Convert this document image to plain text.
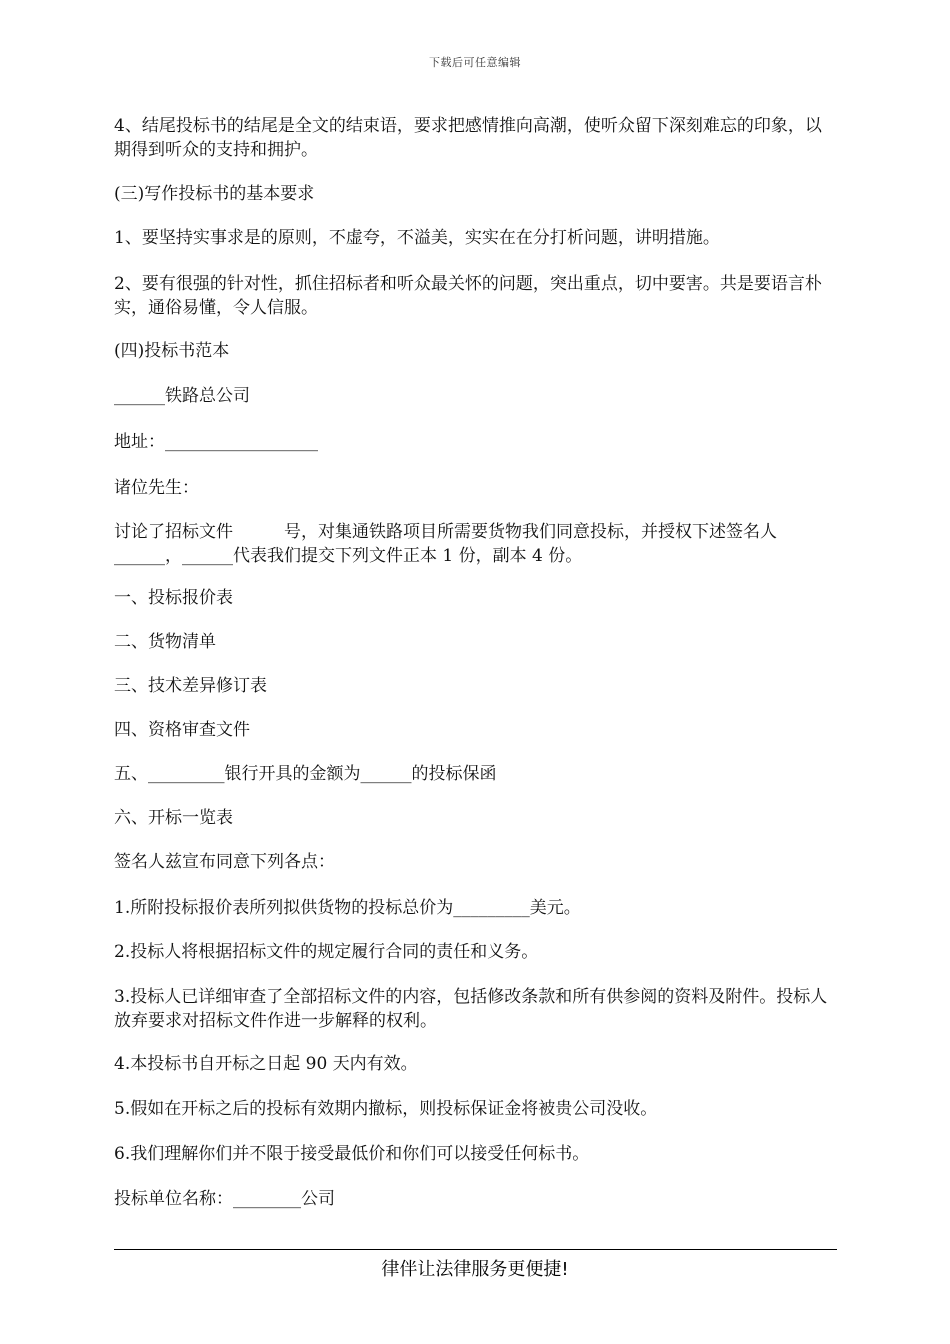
下载后可任意编辑

4、结尾投标书的结尾是全文的结束语，要求把感情推向高潮，使听众留下深刻难忘的印象，以期得到听众的支持和拥护。

(三)写作投标书的基本要求

1、要坚持实事求是的原则，不虚夸，不溢美，实实在在分打析问题，讲明措施。

2、要有很强的针对性，抓住招标者和听众最关怀的问题，突出重点，切中要害。共是要语言朴实，通俗易懂，令人信服。

(四)投标书范本

______铁路总公司

地址：__________________

诸位先生：

讨论了招标文件　　　号，对集通铁路项目所需要货物我们同意投标，并授权下述签名人______，______代表我们提交下列文件正本 1 份，副本 4 份。

一、投标报价表

二、货物清单

三、技术差异修订表

四、资格审查文件

五、_________银行开具的金额为______的投标保函

六、开标一览表

签名人兹宣布同意下列各点：

1.所附投标报价表所列拟供货物的投标总价为_________美元。

2.投标人将根据招标文件的规定履行合同的责任和义务。

3.投标人已详细审查了全部招标文件的内容，包括修改条款和所有供参阅的资料及附件。投标人放弃要求对招标文件作进一步解释的权利。

4.本投标书自开标之日起 90 天内有效。

5.假如在开标之后的投标有效期内撤标，则投标保证金将被贵公司没收。

6.我们理解你们并不限于接受最低价和你们可以接受任何标书。

投标单位名称：________公司

律伴让法律服务更便捷!
